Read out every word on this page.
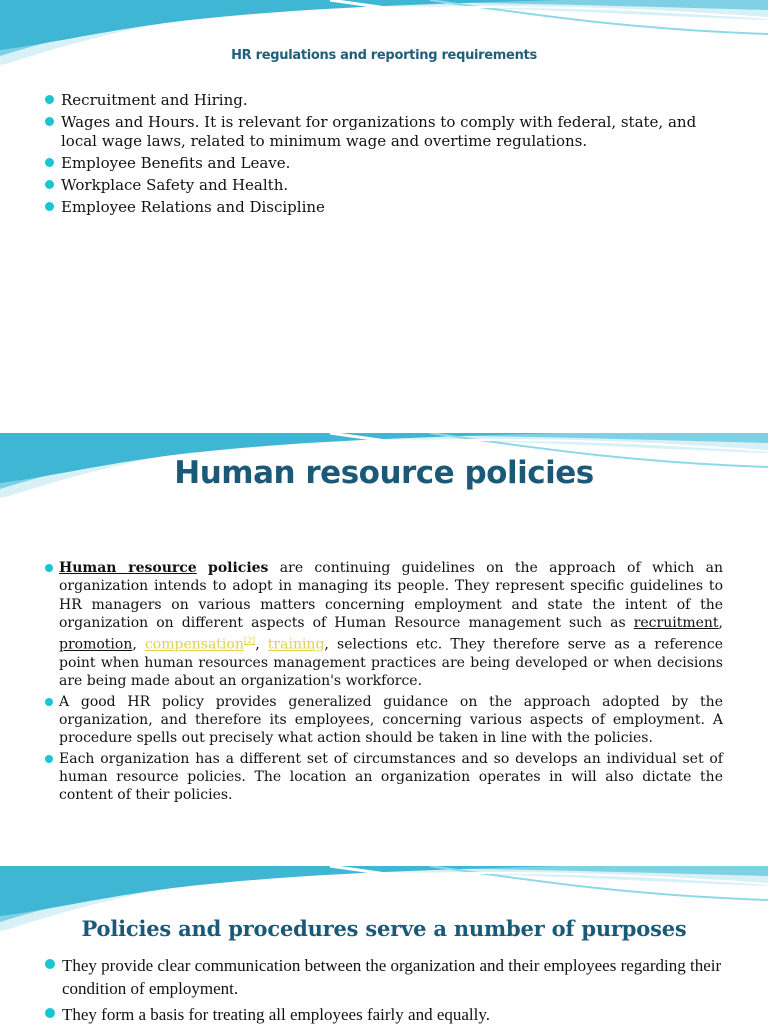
HR regulations and reporting requirements
Recruitment and Hiring.
Wages and Hours. It is relevant for organizations to comply with federal, state, and local wage laws, related to minimum wage and overtime regulations.
Employee Benefits and Leave.
Workplace Safety and Health.
Employee Relations and Discipline
Human resource policies
Human resource policies are continuing guidelines on the approach of which an organization intends to adopt in managing its people. They represent specific guidelines to HR managers on various matters concerning employment and state the intent of the organization on different aspects of Human Resource management such as recruitment, promotion, compensation[2], training, selections etc. They therefore serve as a reference point when human resources management practices are being developed or when decisions are being made about an organization's workforce.
A good HR policy provides generalized guidance on the approach adopted by the organization, and therefore its employees, concerning various aspects of employment. A procedure spells out precisely what action should be taken in line with the policies.
Each organization has a different set of circumstances and so develops an individual set of human resource policies. The location an organization operates in will also dictate the content of their policies.
Policies and procedures serve a number of purposes
They provide clear communication between the organization and their employees regarding their condition of employment.
They form a basis for treating all employees fairly and equally.
